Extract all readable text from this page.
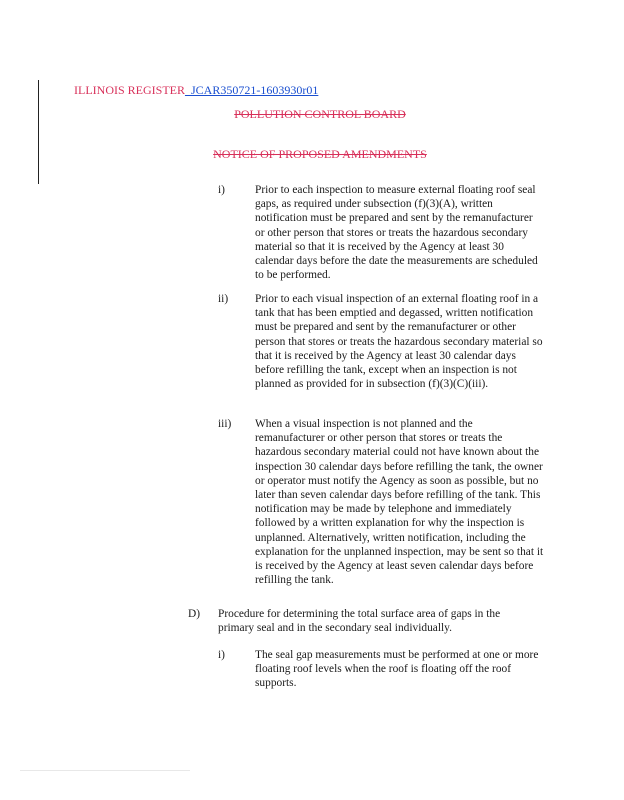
ILLINOIS REGISTER_JCAR350721-1603930r01
POLLUTION CONTROL BOARD
NOTICE OF PROPOSED AMENDMENTS
i)	Prior to each inspection to measure external floating roof seal gaps, as required under subsection (f)(3)(A), written notification must be prepared and sent by the remanufacturer or other person that stores or treats the hazardous secondary material so that it is received by the Agency at least 30 calendar days before the date the measurements are scheduled to be performed.
ii) Prior to each visual inspection of an external floating roof in a tank that has been emptied and degassed, written notification must be prepared and sent by the remanufacturer or other person that stores or treats the hazardous secondary material so that it is received by the Agency at least 30 calendar days before refilling the tank, except when an inspection is not planned as provided for in subsection (f)(3)(C)(iii).
iii) When a visual inspection is not planned and the remanufacturer or other person that stores or treats the hazardous secondary material could not have known about the inspection 30 calendar days before refilling the tank, the owner or operator must notify the Agency as soon as possible, but no later than seven calendar days before refilling of the tank. This notification may be made by telephone and immediately followed by a written explanation for why the inspection is unplanned. Alternatively, written notification, including the explanation for the unplanned inspection, may be sent so that it is received by the Agency at least seven calendar days before refilling the tank.
D) Procedure for determining the total surface area of gaps in the primary seal and in the secondary seal individually.
i)	The seal gap measurements must be performed at one or more floating roof levels when the roof is floating off the roof supports.
